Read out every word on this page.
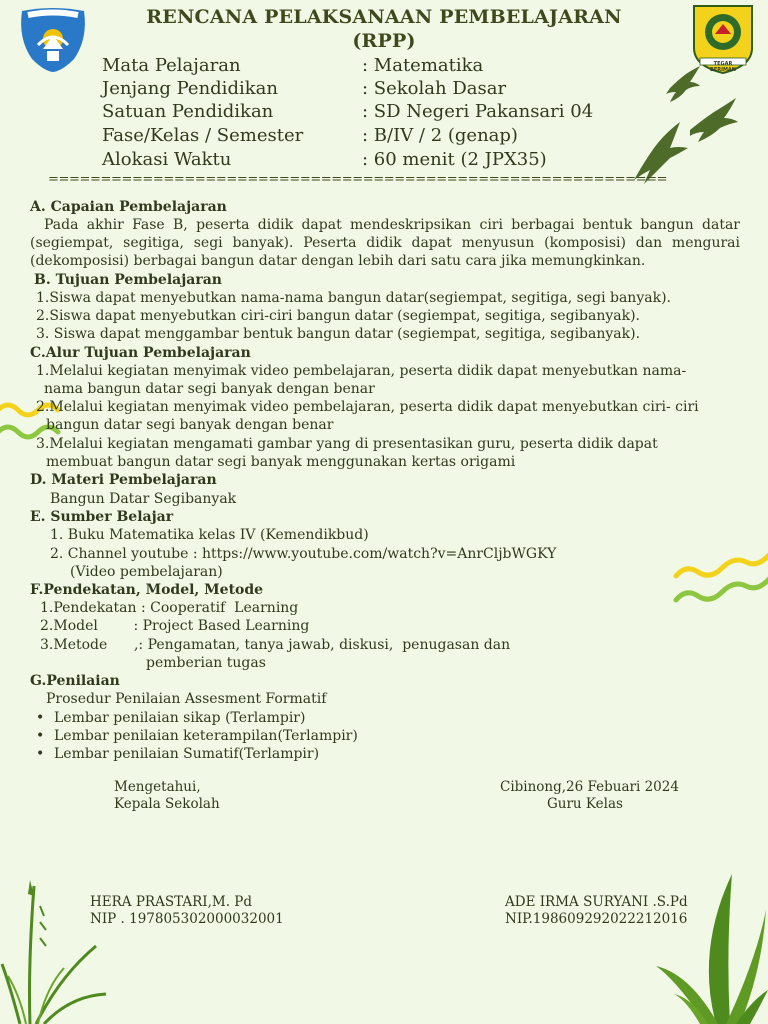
TEGAR BERIMAN
RENCANA PELAKSANAAN PEMBELAJARAN
(RPP)
Mata Pelajaran	: Matematika
Jenjang Pendidikan	: Sekolah Dasar
Satuan Pendidikan	: SD Negeri Pakansari 04
Fase/Kelas / Semester	: B/IV / 2 (genap)
Alokasi Waktu	: 60 menit (2 JPX35)
===========================================================
A. Capaian Pembelajaran
Pada akhir Fase B, peserta didik dapat mendeskripsikan ciri berbagai bentuk bangun datar (segiempat, segitiga, segi banyak). Peserta didik dapat menyusun (komposisi) dan mengurai (dekomposisi) berbagai bangun datar dengan lebih dari satu cara jika memungkinkan.
B. Tujuan Pembelajaran
1.Siswa dapat menyebutkan nama-nama bangun datar(segiempat, segitiga, segi banyak).
2.Siswa dapat menyebutkan ciri-ciri bangun datar (segiempat, segitiga, segibanyak).
3. Siswa dapat menggambar bentuk bangun datar (segiempat, segitiga, segibanyak).
C.Alur Tujuan Pembelajaran
1.Melalui kegiatan menyimak video pembelajaran, peserta didik dapat menyebutkan nama-
nama bangun datar segi banyak dengan benar
2.Melalui kegiatan menyimak video pembelajaran, peserta didik dapat menyebutkan ciri- ciri
bangun datar segi banyak dengan benar
3.Melalui kegiatan mengamati gambar yang di presentasikan guru, peserta didik dapat
membuat bangun datar segi banyak menggunakan kertas origami
D. Materi Pembelajaran
Bangun Datar Segibanyak
E. Sumber Belajar
1. Buku Matematika kelas IV (Kemendikbud)
2. Channel youtube : https://www.youtube.com/watch?v=AnrCljbWGKY
(Video pembelajaran)
F.Pendekatan, Model, Metode
1.Pendekatan : Cooperatif  Learning
2.Model        : Project Based Learning
3.Metode      ,: Pengamatan, tanya jawab, diskusi,  penugasan dan
pemberian tugas
G.Penilaian
Prosedur Penilaian Assesment Formatif
• Lembar penilaian sikap (Terlampir)
• Lembar penilaian keterampilan(Terlampir)
• Lembar penilaian Sumatif(Terlampir)
Mengetahui,
Kepala Sekolah
Cibinong,26 Febuari 2024
Guru Kelas
HERA PRASTARI,M. Pd
NIP . 197805302000032001
ADE IRMA SURYANI .S.Pd
NIP.198609292022212016
